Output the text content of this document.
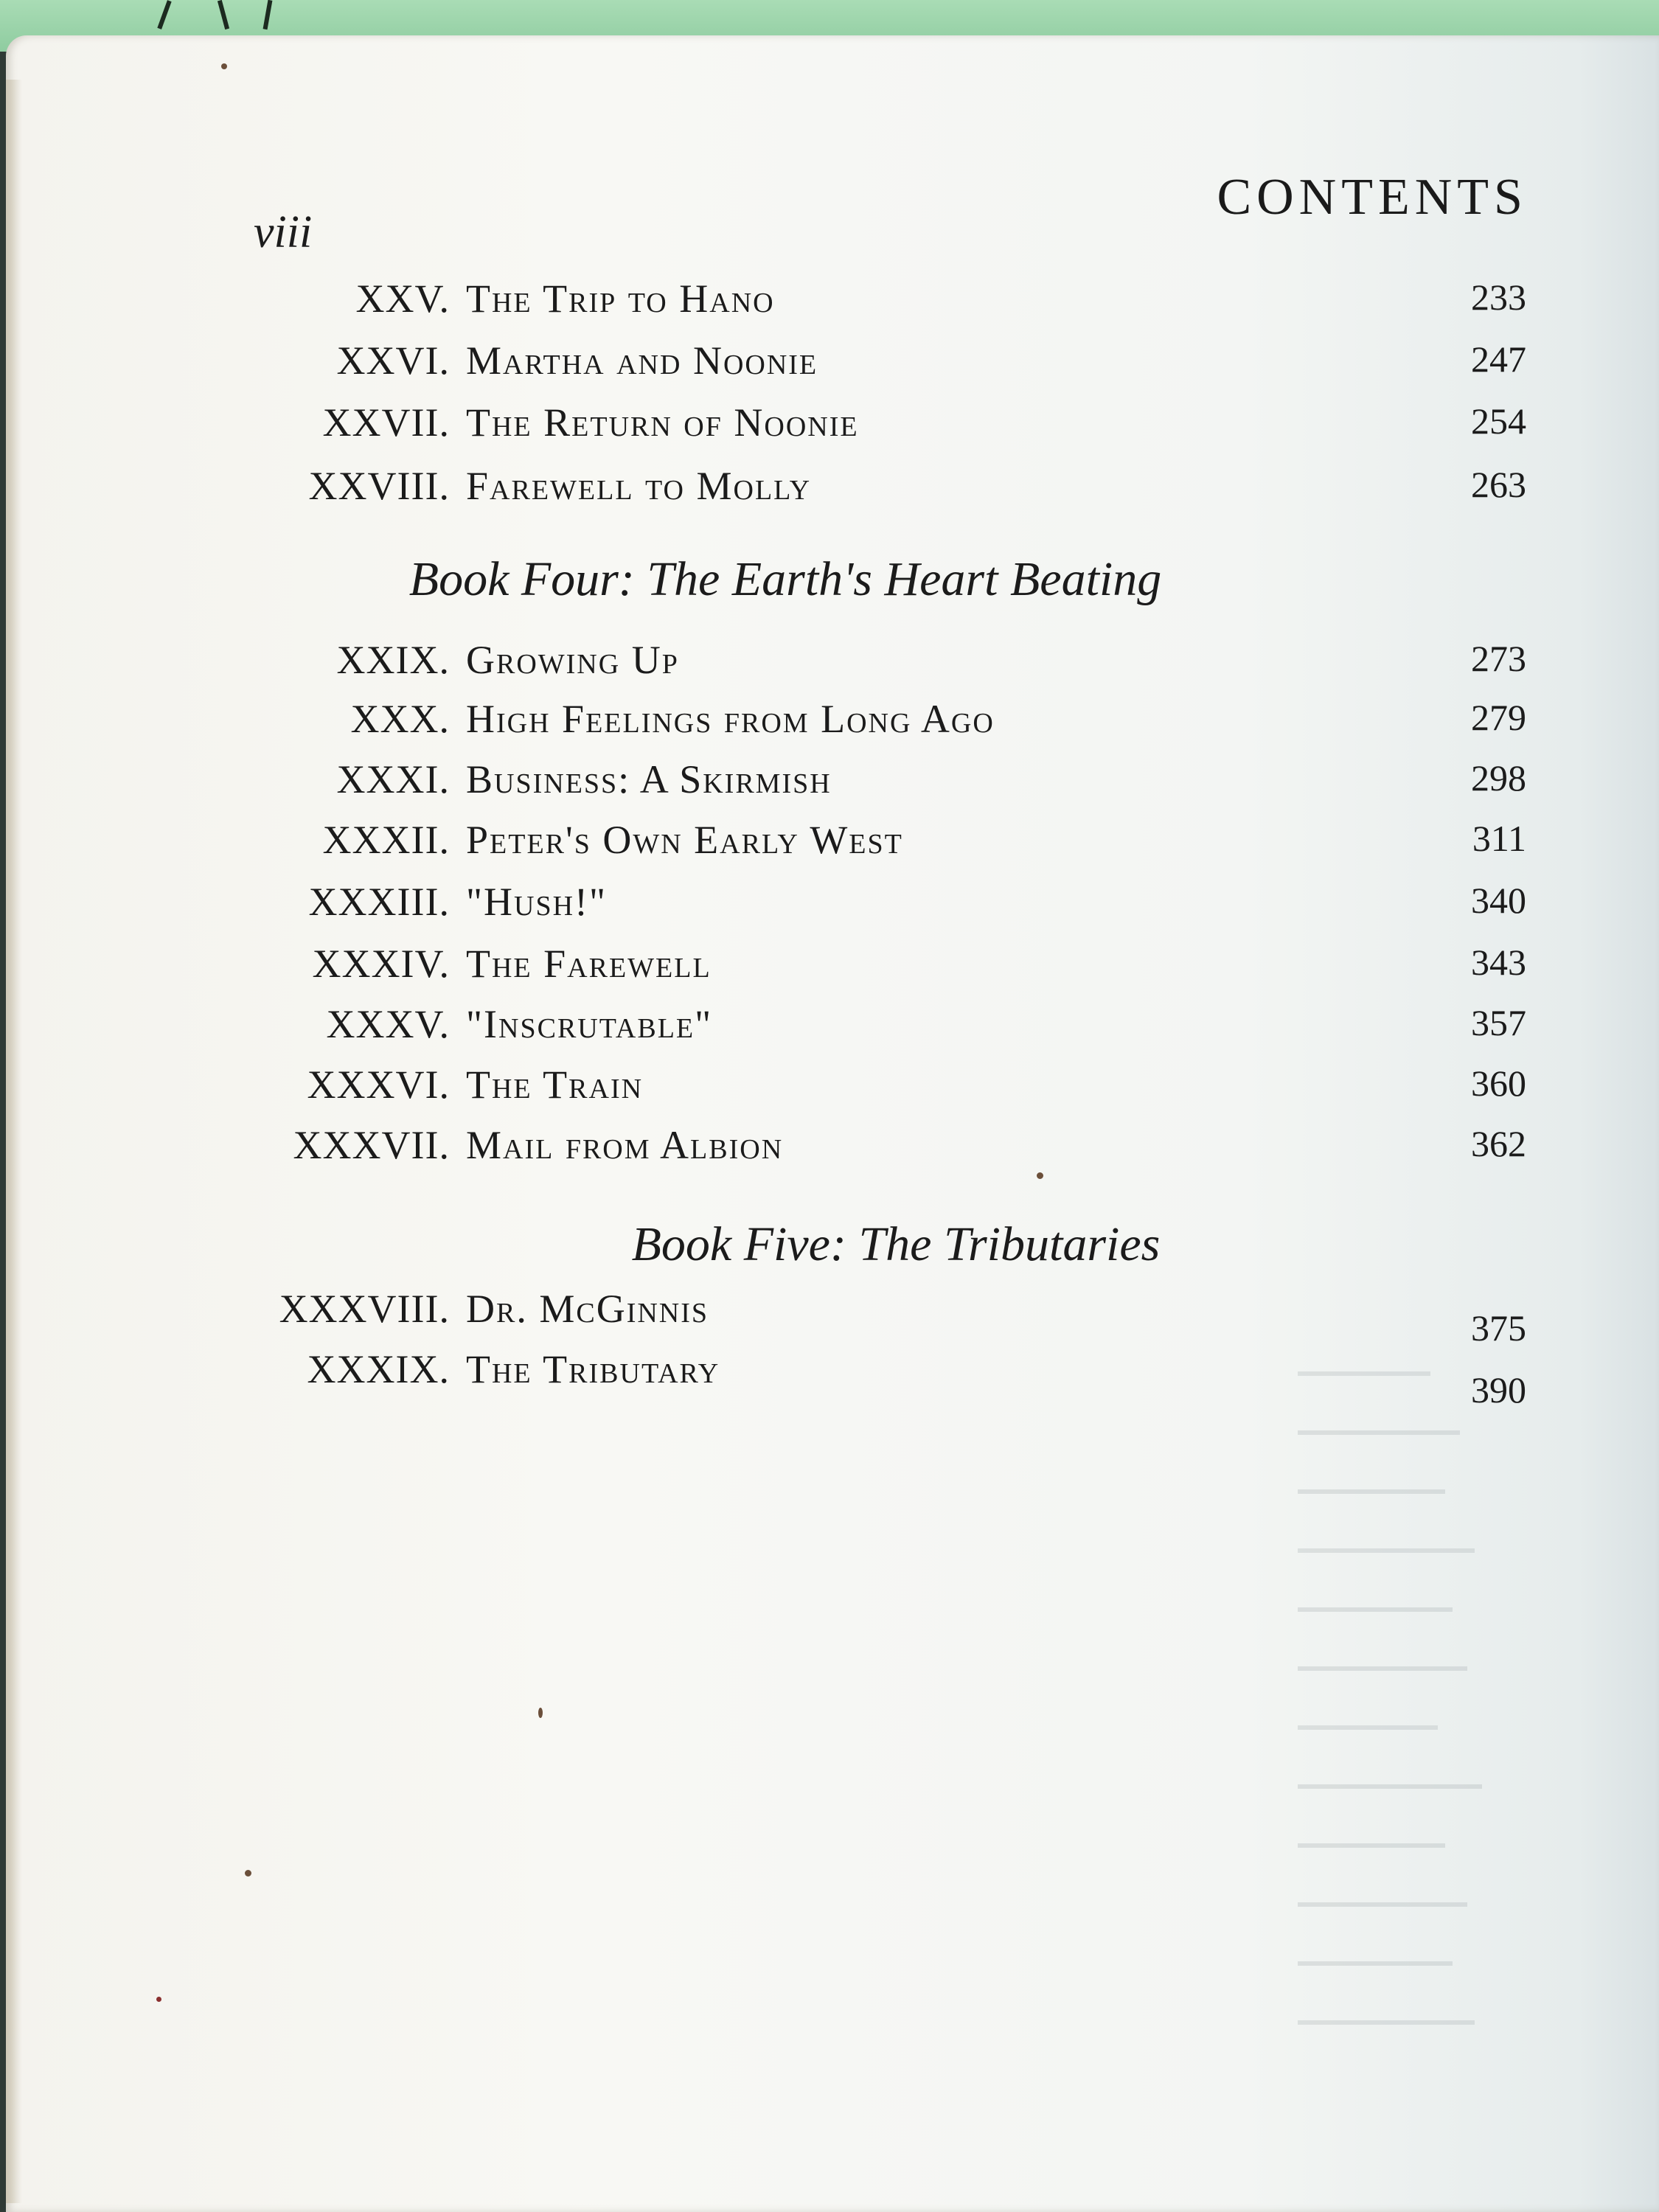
CONTENTS
viii
XXV. The Trip to Hano	233
XXVI. Martha and Noonie	247
XXVII. The Return of Noonie	254
XXVIII. Farewell to Molly	263
Book Four: The Earth's Heart Beating
XXIX. Growing Up	273
XXX. High Feelings from Long Ago	279
XXXI. Business: A Skirmish	298
XXXII. Peter's Own Early West	311
XXXIII. "Hush!"	340
XXXIV. The Farewell	343
XXXV. "Inscrutable"	357
XXXVI. The Train	360
XXXVII. Mail from Albion	362
Book Five: The Tributaries
XXXVIII. Dr. McGinnis	375
XXXIX. The Tributary	390
